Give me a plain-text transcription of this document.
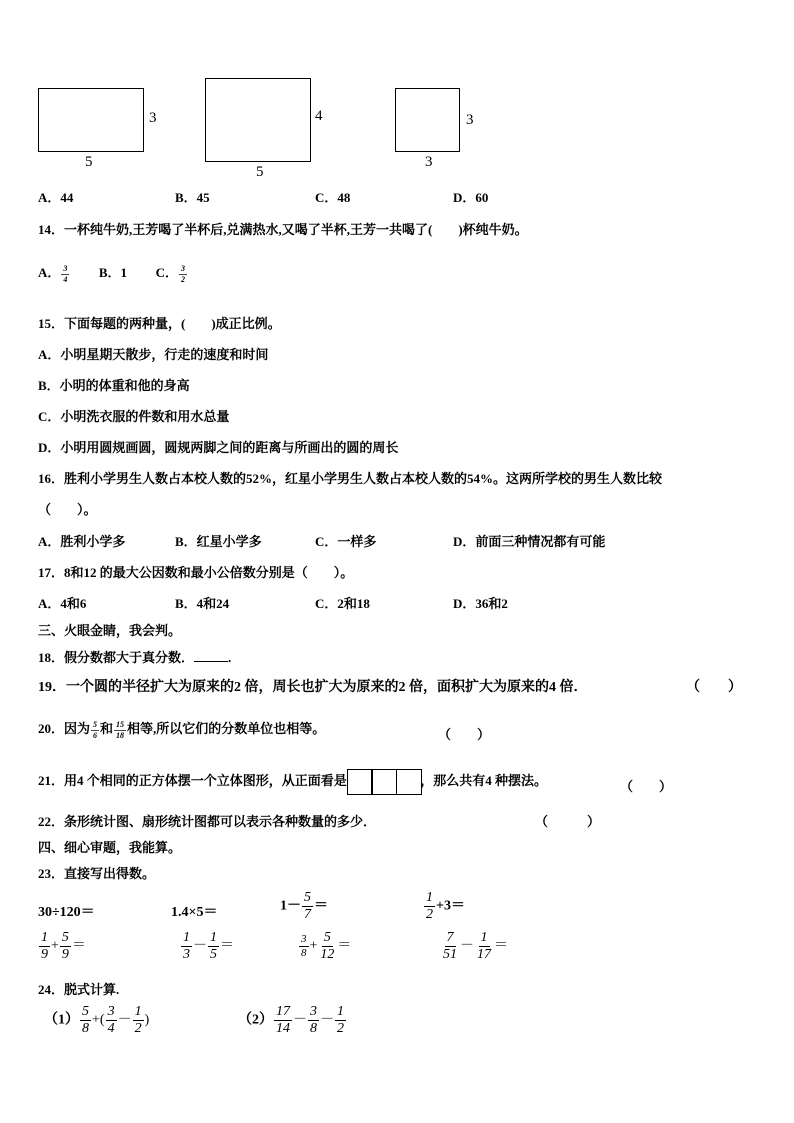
3
5
4
5
3
3
A．44	B．45	C．48	D．60
14．一杯纯牛奶,王芳喝了半杯后,兑满热水,又喝了半杯,王芳一共喝了(　　)杯纯牛奶。
A． $\frac{3}{4}$ B．1 C． $\frac{3}{2}$
15．下面每题的两种量，(　　)成正比例。
A．小明星期天散步，行走的速度和时间
B．小明的体重和他的身高
C．小明洗衣服的件数和用水总量
D．小明用圆规画圆，圆规两脚之间的距离与所画出的圆的周长
16．胜利小学男生人数占本校人数的52%，红星小学男生人数占本校人数的54%。这两所学校的男生人数比较
（　　）。
A．胜利小学多	B．红星小学多	C．一样多	D．前面三种情况都有可能
17．8和12 的最大公因数和最小公倍数分别是（　　）。
A．4和6	B．4和24	C．2和18	D．36和2
三、火眼金睛，我会判。
18．假分数都大于真分数．	.
19．一个圆的半径扩大为原来的2 倍，周长也扩大为原来的2 倍，面积扩大为原来的4 倍．	（　　）
20．因为 $\frac{5}{6}$ 和 $\frac{15}{18}$ 相等,所以它们的分数单位也相等。	（　　）
21．用4 个相同的正方体摆一个立体图形，从正面看是	，那么共有4 种摆法。	（　　）
22．条形统计图、扇形统计图都可以表示各种数量的多少．	（　　　）
四、细心审题，我能算。
23．直接写出得数。
30÷120＝	1.4×5＝	$1- \frac{5}{7}$ ＝	$\frac{1}{2} +3=$
$\frac{1}{9} + \frac{5}{9}$ ＝	$\frac{1}{3} - \frac{1}{5}$ ＝	$\frac{3}{8} + \frac{5}{12}$ ＝	$\frac{7}{51} - \frac{1}{17}$ ＝
24．脱式计算.
$(1) \frac{5}{8}$ +( $\frac{3}{4} - \frac{1}{2}$ )	$(2) \frac{17}{14} - \frac{3}{8} - \frac{1}{2}$
